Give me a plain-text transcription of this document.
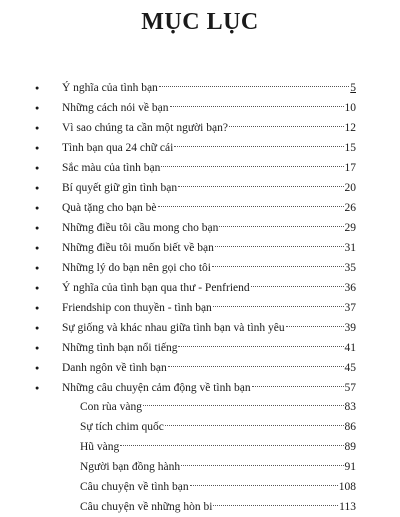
MỤC LỤC
● Ý nghĩa của tình bạn	5
● Những cách nói về bạn	10
● Vì sao chúng ta cần một người bạn?	12
● Tình bạn qua 24 chữ cái	15
● Sắc màu của tình bạn	17
● Bí quyết giữ gìn tình bạn	20
● Quà tặng cho bạn bè	26
● Những điều tôi cầu mong cho bạn	29
● Những điều tôi muốn biết về bạn	31
● Những lý do bạn nên gọi cho tôi	35
● Ý nghĩa của tình bạn qua thư - Penfriend	36
● Friendship con thuyền - tình bạn	37
● Sự giống và khác nhau giữa tình bạn và tình yêu	39
● Những tình bạn nổi tiếng	41
● Danh ngôn về tình bạn	45
● Những câu chuyện cảm động về tình bạn	57
Con rùa vàng	83
Sự tích chim quốc	86
Hũ vàng	89
Người bạn đồng hành	91
Câu chuyện về tình bạn	108
Câu chuyện về những hòn bi	113
